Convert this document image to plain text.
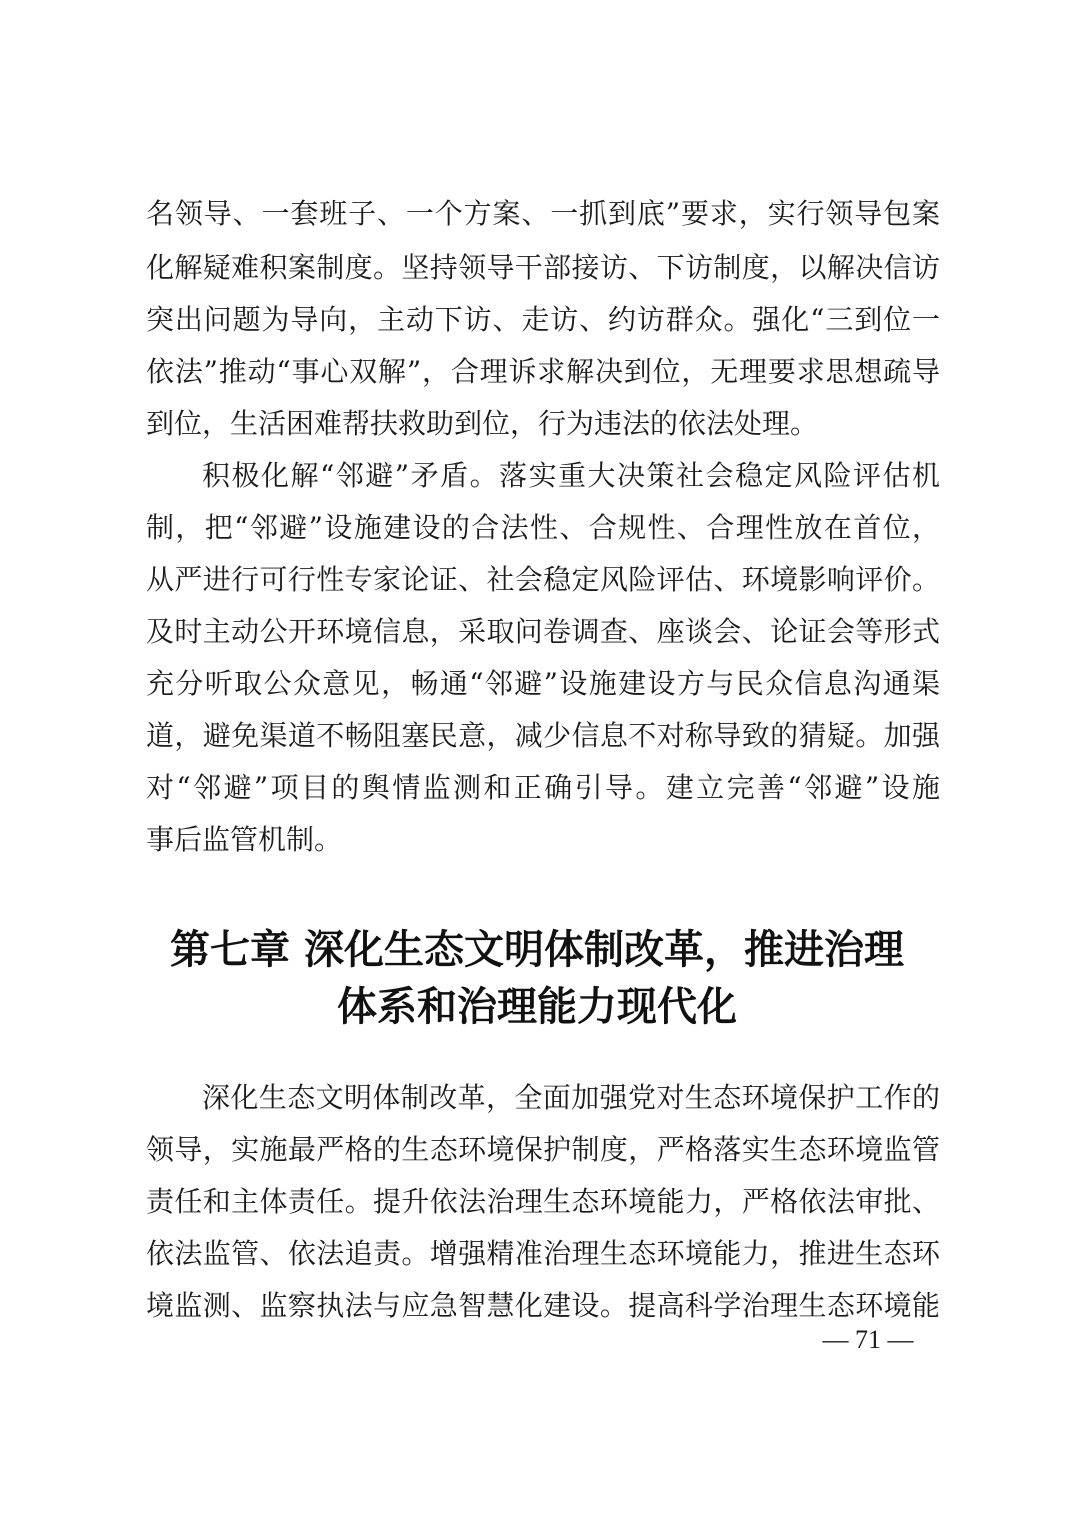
名领导、一套班子、一个方案、一抓到底”要求，实行领导包案
化解疑难积案制度。坚持领导干部接访、下访制度，以解决信访
突出问题为导向，主动下访、走访、约访群众。强化“三到位一
依法”推动“事心双解”，合理诉求解决到位，无理要求思想疏导
到位，生活困难帮扶救助到位，行为违法的依法处理。
积极化解“邻避”矛盾。落实重大决策社会稳定风险评估机
制，把“邻避”设施建设的合法性、合规性、合理性放在首位，
从严进行可行性专家论证、社会稳定风险评估、环境影响评价。
及时主动公开环境信息，采取问卷调查、座谈会、论证会等形式
充分听取公众意见，畅通“邻避”设施建设方与民众信息沟通渠
道，避免渠道不畅阻塞民意，减少信息不对称导致的猜疑。加强
对“邻避”项目的舆情监测和正确引导。建立完善“邻避”设施
事后监管机制。
第七章 深化生态文明体制改革，推进治理
体系和治理能力现代化
深化生态文明体制改革，全面加强党对生态环境保护工作的
领导，实施最严格的生态环境保护制度，严格落实生态环境监管
责任和主体责任。提升依法治理生态环境能力，严格依法审批、
依法监管、依法追责。增强精准治理生态环境能力，推进生态环
境监测、监察执法与应急智慧化建设。提高科学治理生态环境能
— 71 —
